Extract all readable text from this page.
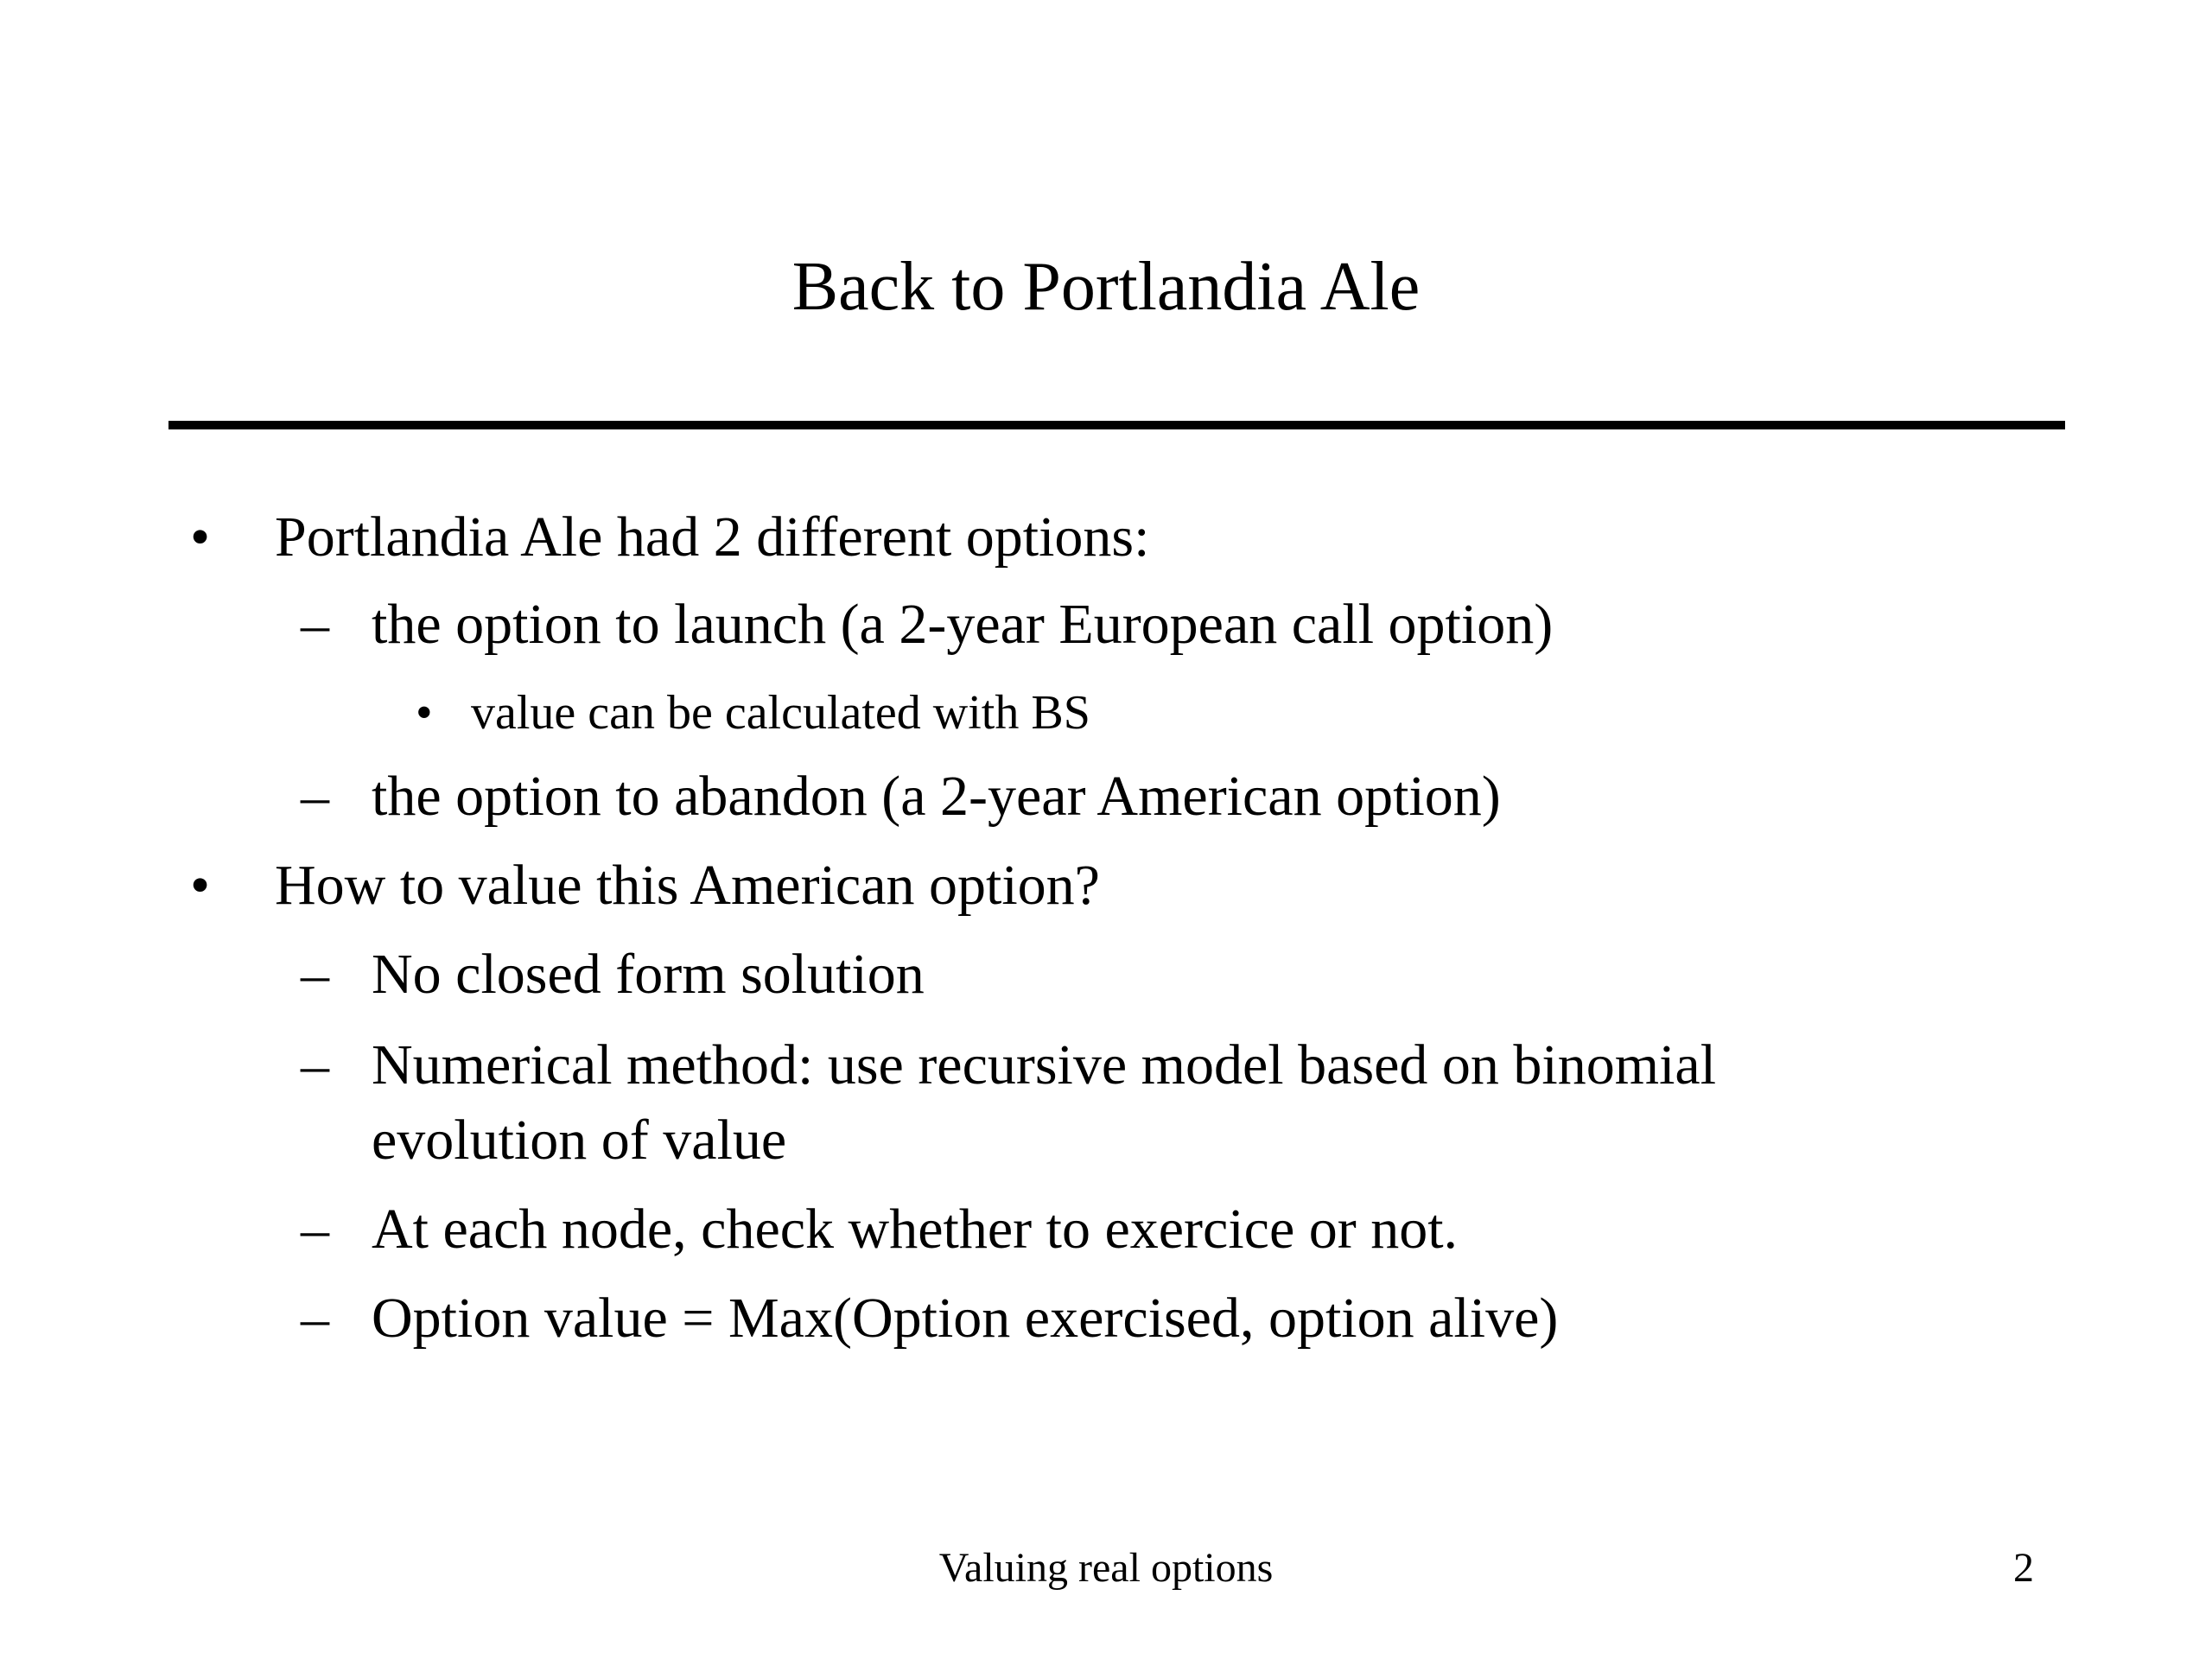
Back to Portlandia Ale
• Portlandia Ale had 2 different options:
– the option to launch (a 2-year European call option)
• value can be calculated with BS
– the option to abandon (a 2-year American option)
• How to value this American option?
– No closed form solution
– Numerical method: use recursive model based on binomial
evolution of value
– At each node, check whether to exercice or not.
– Option value = Max(Option exercised, option alive)
Valuing real options	2
